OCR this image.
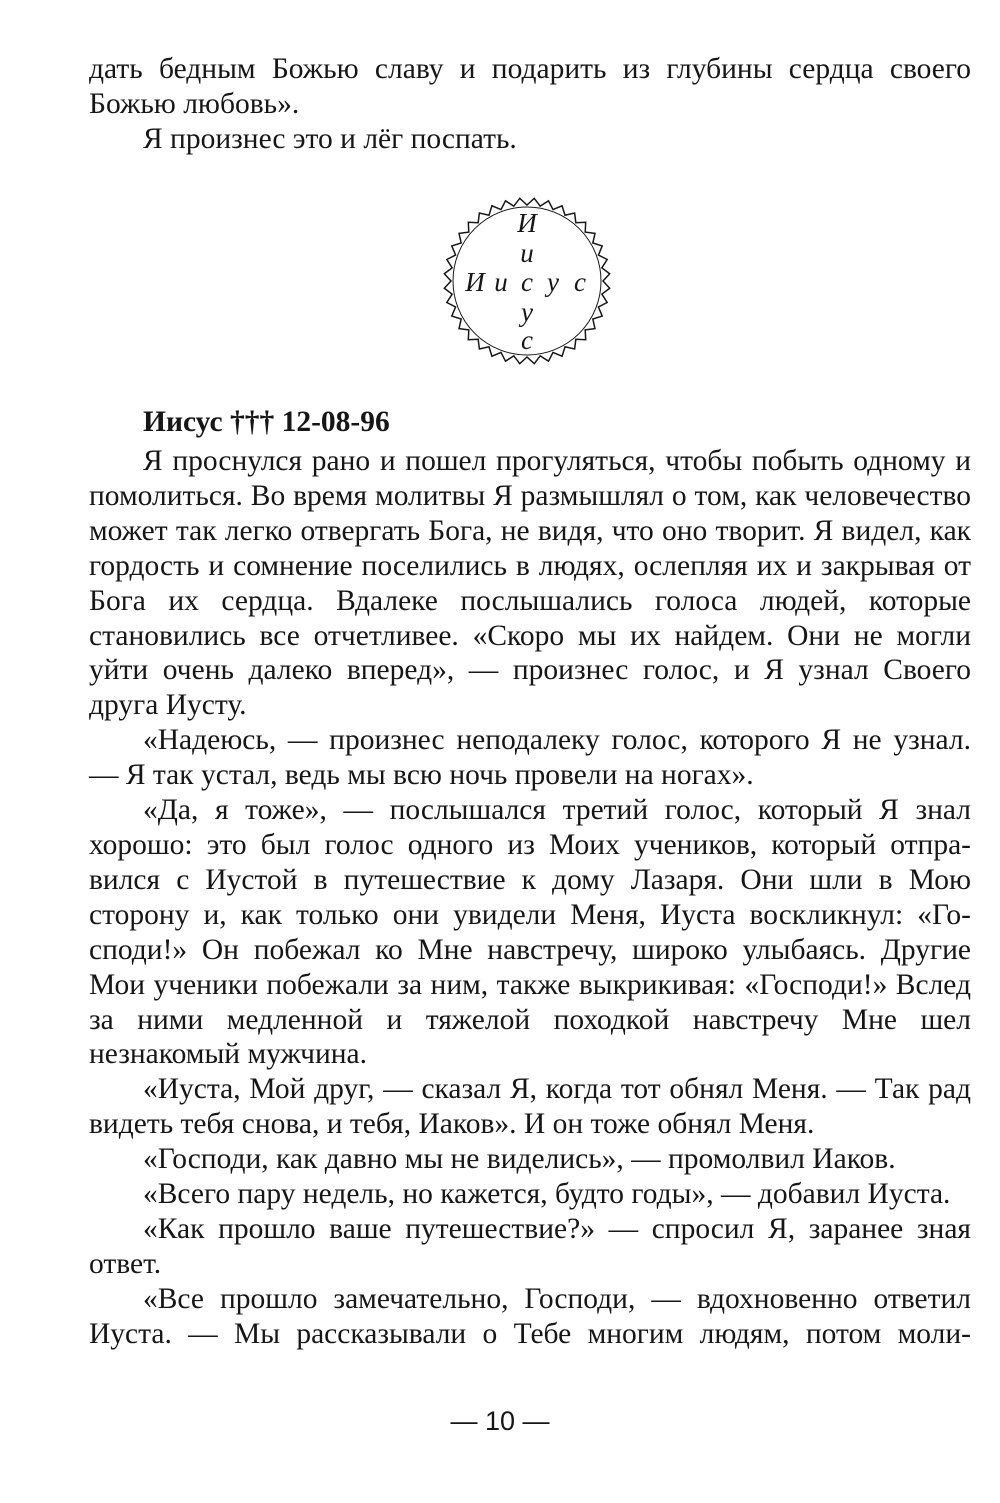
дать бедным Божью славу и подарить из глубины сердца своего Божью любовь».

Я произнес это и лёг поспать.

И
и
И и с у с
у
с
Иисус ††† 12-08-96

Я проснулся рано и пошел прогуляться, чтобы побыть одному и помолиться. Во время молитвы Я размышлял о том, как человечество может так легко отвергать Бога, не видя, что оно творит. Я видел, как гордость и сомнение поселились в людях, ослепляя их и закрывая от Бога их сердца. Вдалеке послышались голоса людей, которые становились все отчетливее. «Скоро мы их найдем. Они не могли уйти очень далеко вперед», — произнес голос, и Я узнал Своего друга Иусту.

«Надеюсь, — произнес неподалеку голос, которого Я не узнал. — Я так устал, ведь мы всю ночь провели на ногах».

«Да, я тоже», — послышался третий голос, который Я знал хорошо: это был голос одного из Моих учеников, который отправился с Иустой в путешествие к дому Лазаря. Они шли в Мою сторону и, как только они увидели Меня, Иуста воскликнул: «Господи!» Он побежал ко Мне навстречу, широко улыбаясь. Другие Мои ученики побежали за ним, также выкрикивая: «Господи!» Вслед за ними медленной и тяжелой походкой навстречу Мне шел незнакомый мужчина.

«Иуста, Мой друг, — сказал Я, когда тот обнял Меня. — Так рад видеть тебя снова, и тебя, Иаков». И он тоже обнял Меня.

«Господи, как давно мы не виделись», — промолвил Иаков.

«Всего пару недель, но кажется, будто годы», — добавил Иуста.

«Как прошло ваше путешествие?» — спросил Я, заранее зная ответ.

«Все прошло замечательно, Господи, — вдохновенно ответил Иуста. — Мы рассказывали о Тебе многим людям, потом моли-

— 10 —
